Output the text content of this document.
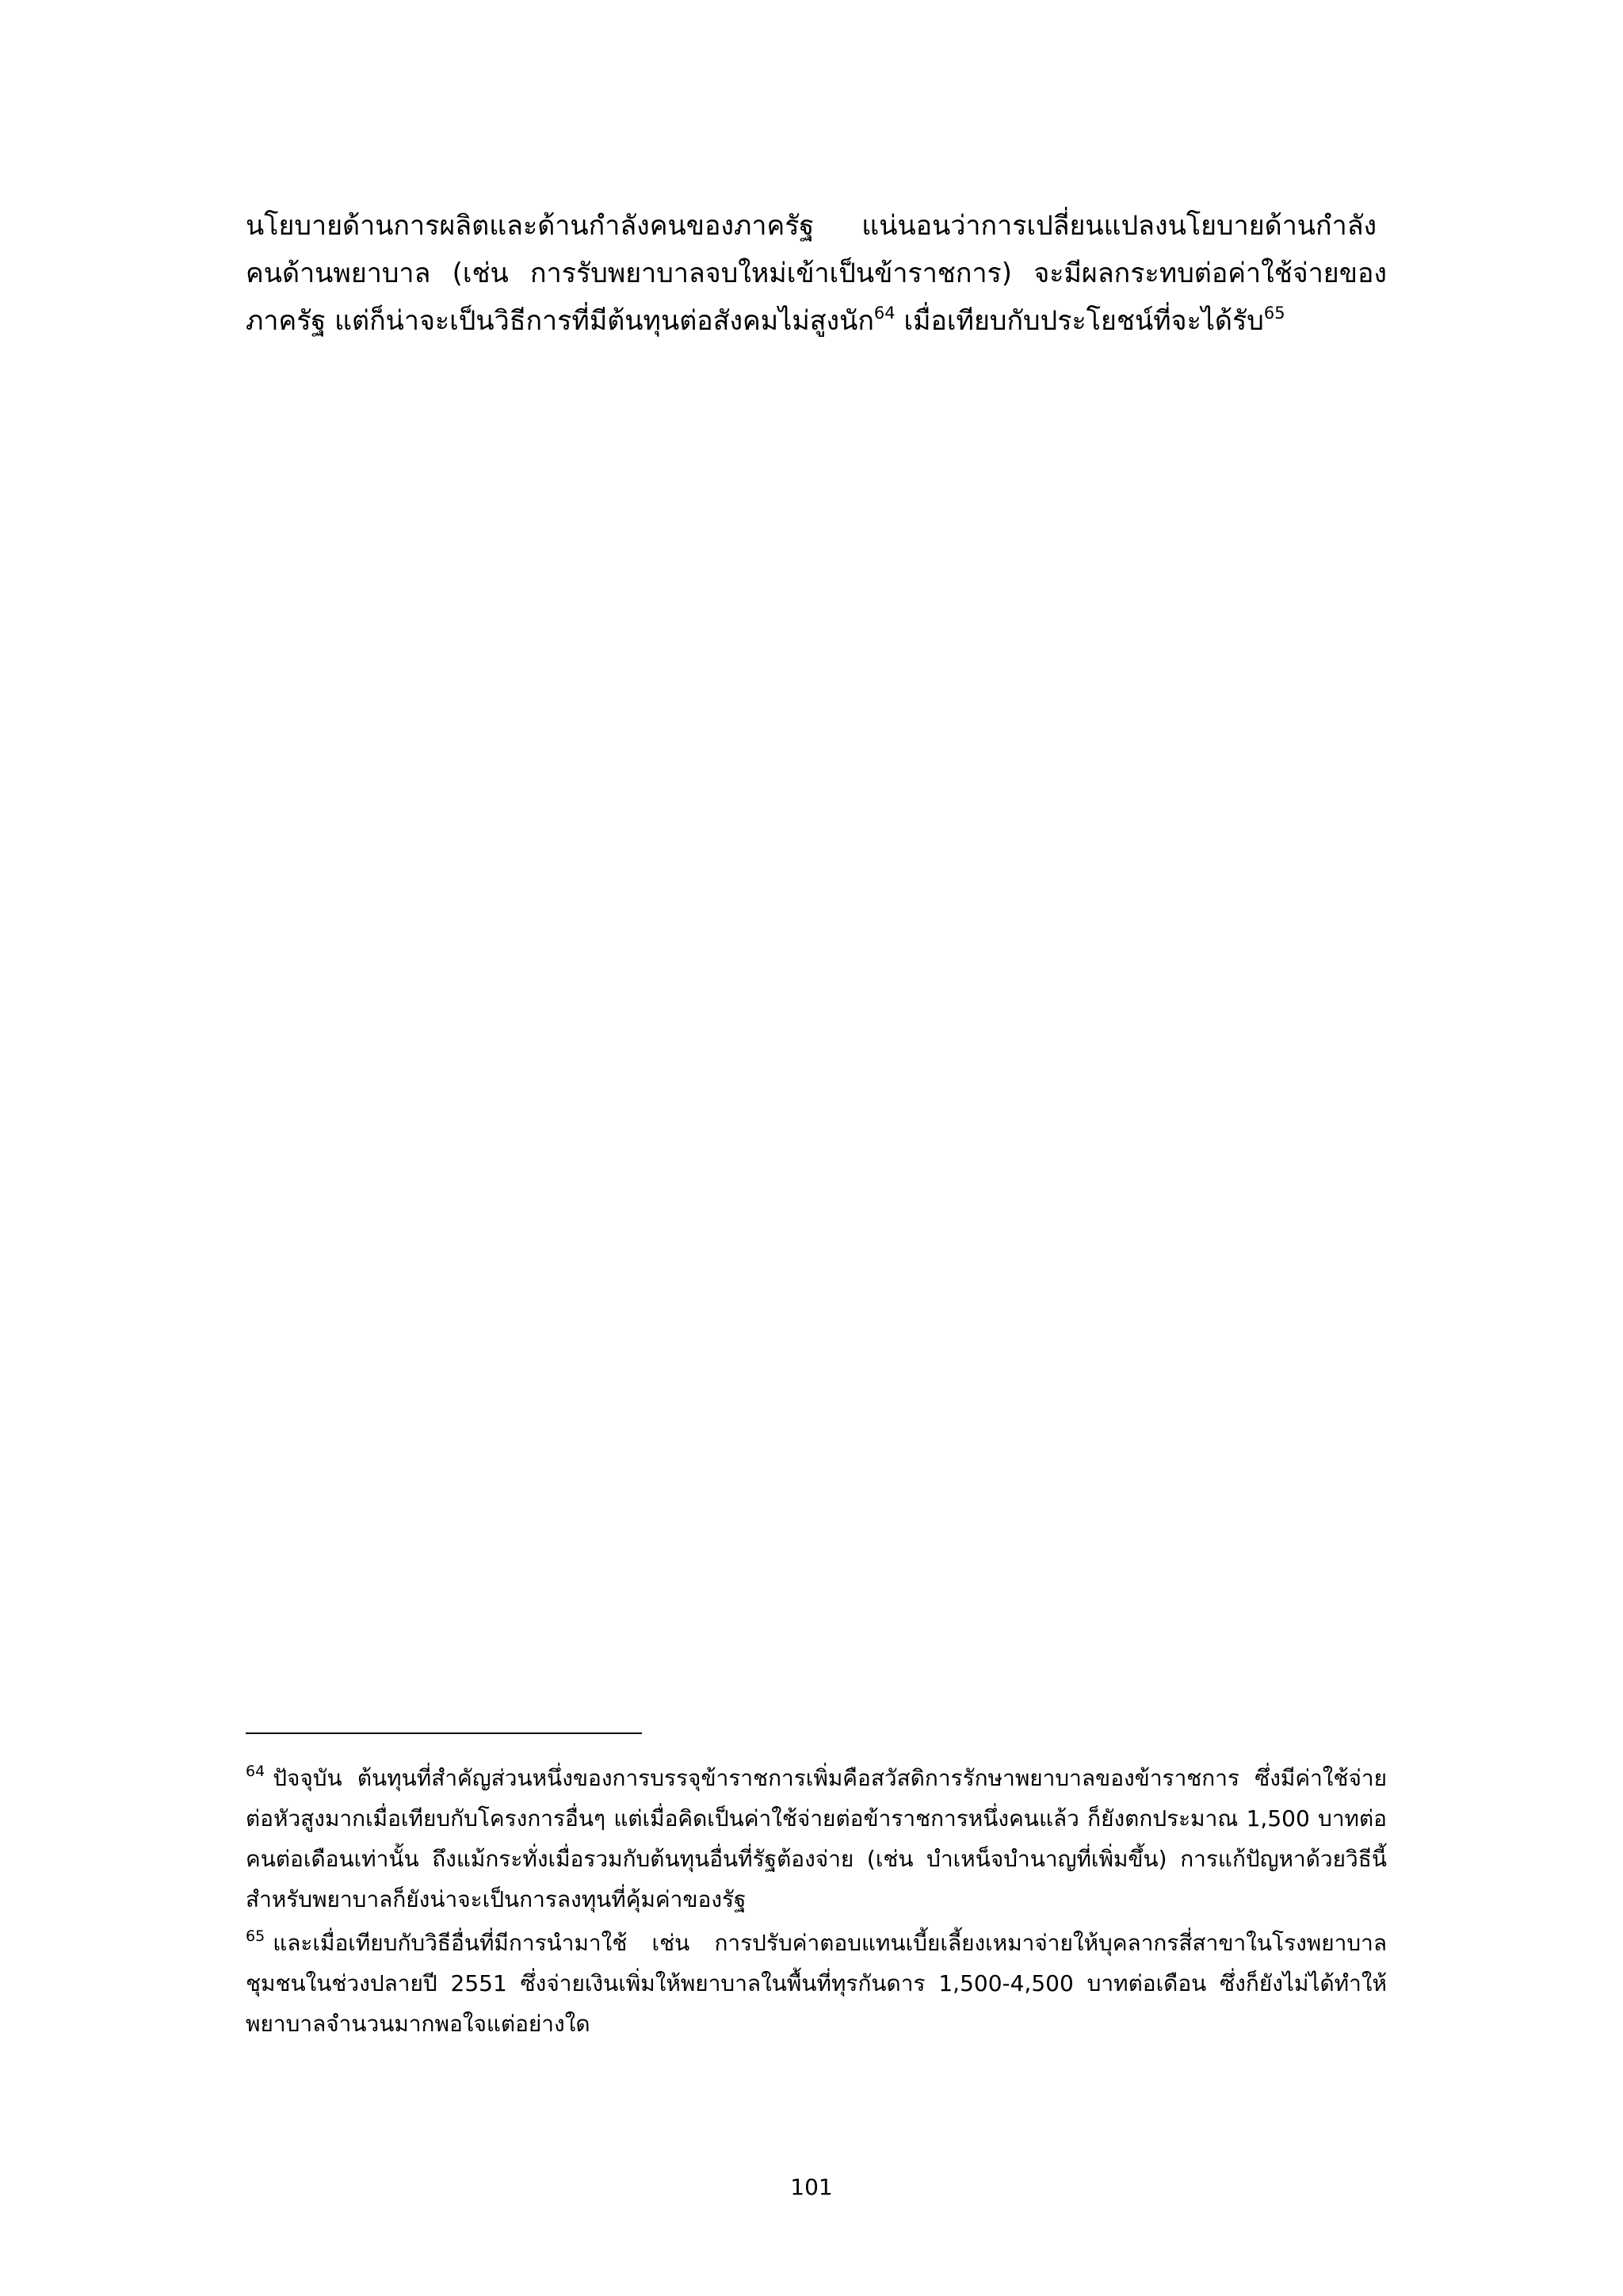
นโยบายด้านการผลิตและด้านกำลังคนของภาครัฐ แน่นอนว่าการเปลี่ยนแปลงนโยบายด้านกำลังคนด้านพยาบาล (เช่น การรับพยาบาลจบใหม่เข้าเป็นข้าราชการ) จะมีผลกระทบต่อค่าใช้จ่ายของภาครัฐ แต่ก็น่าจะเป็นวิธีการที่มีต้นทุนต่อสังคมไม่สูงนัก$^{64}$ เมื่อเทียบกับประโยชน์ที่จะได้รับ$^{65}$

$^{64}$ ปัจจุบัน ต้นทุนที่สำคัญส่วนหนึ่งของการบรรจุข้าราชการเพิ่มคือสวัสดิการรักษาพยาบาลของข้าราชการ ซึ่งมีค่าใช้จ่ายต่อหัวสูงมากเมื่อเทียบกับโครงการอื่นๆ แต่เมื่อคิดเป็นค่าใช้จ่ายต่อข้าราชการหนึ่งคนแล้ว ก็ยังตกประมาณ 1,500 บาทต่อคนต่อเดือนเท่านั้น ถึงแม้กระทั่งเมื่อรวมกับต้นทุนอื่นที่รัฐต้องจ่าย (เช่น บำเหน็จบำนาญที่เพิ่มขึ้น) การแก้ปัญหาด้วยวิธีนี้สำหรับพยาบาลก็ยังน่าจะเป็นการลงทุนที่คุ้มค่าของรัฐ

$^{65}$ และเมื่อเทียบกับวิธีอื่นที่มีการนำมาใช้ เช่น การปรับค่าตอบแทนเบี้ยเลี้ยงเหมาจ่ายให้บุคลากรสี่สาขาในโรงพยาบาลชุมชนในช่วงปลายปี 2551 ซึ่งจ่ายเงินเพิ่มให้พยาบาลในพื้นที่ทุรกันดาร 1,500-4,500 บาทต่อเดือน ซึ่งก็ยังไม่ได้ทำให้พยาบาลจำนวนมากพอใจแต่อย่างใด

101
